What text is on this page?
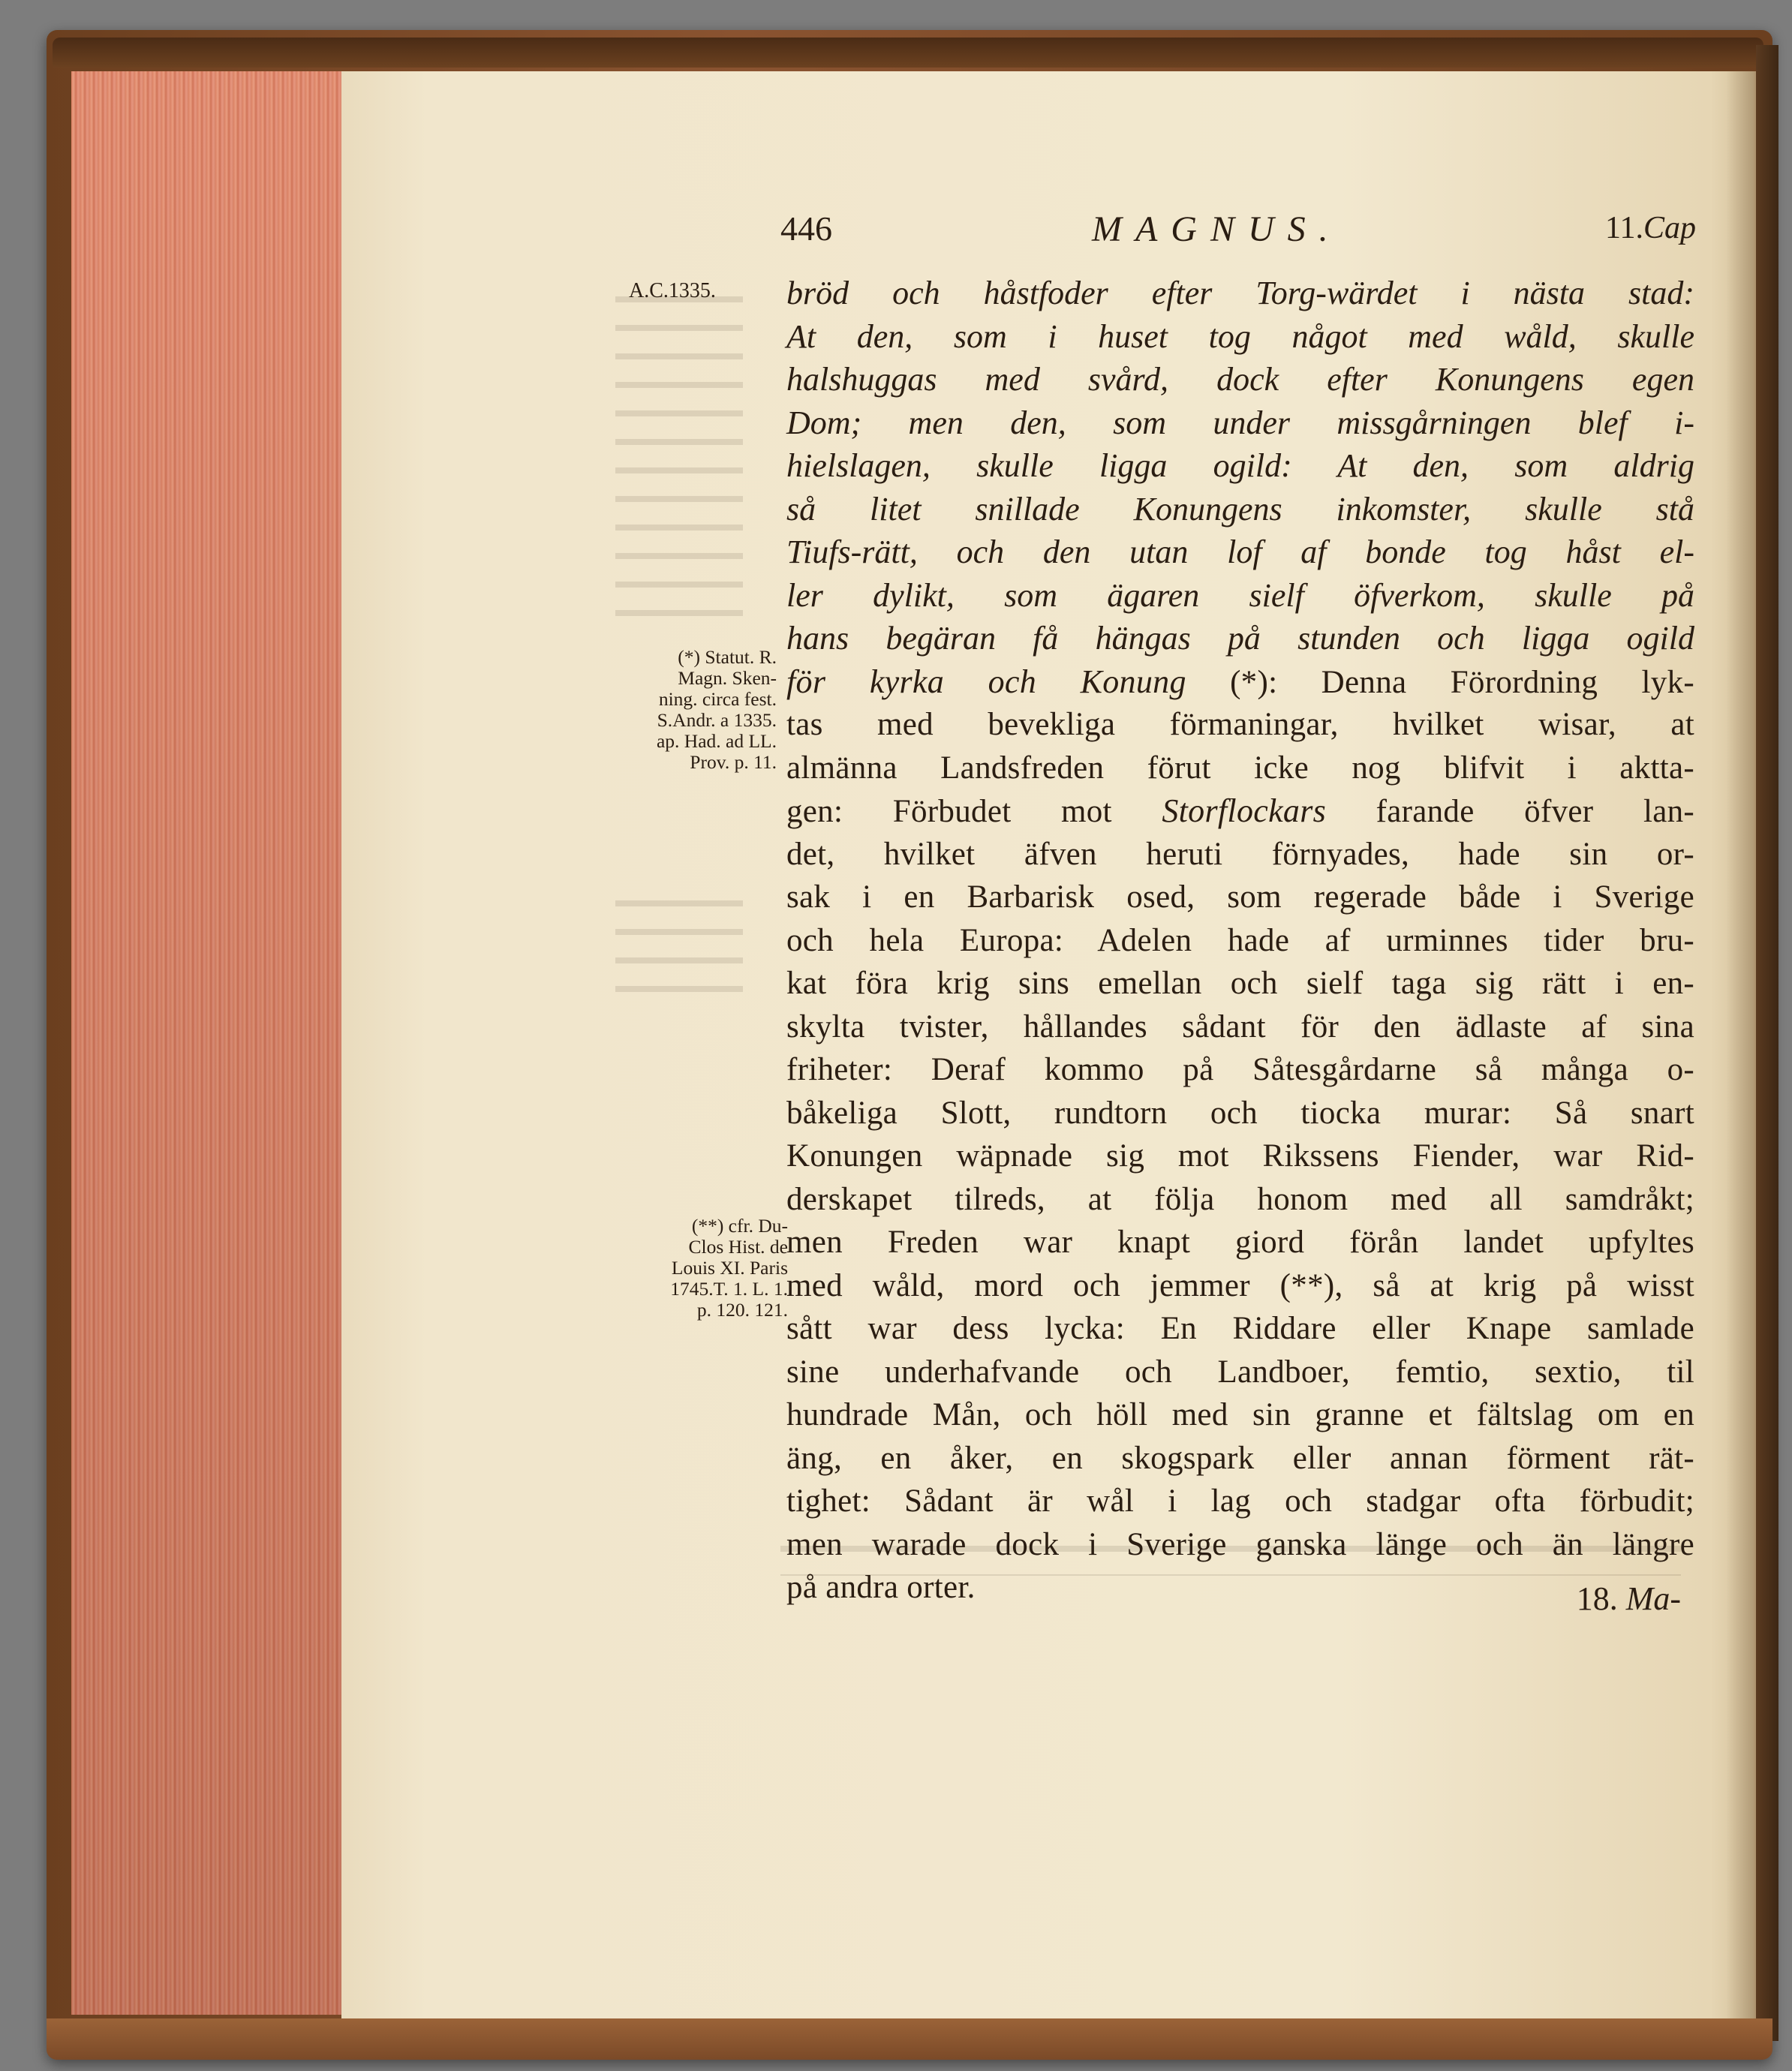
446	MAGNUS.	11.Cap
A.C.1335.
(*) Statut. R.
Magn. Sken-
ning. circa fest.
S.Andr. a 1335.
ap. Had. ad LL.
Prov. p. 11.
(**) cfr. Du-
Clos Hist. de
Louis XI. Paris
1745.T. 1. L. 1.
p. 120. 121.
bröd och håstfoder efter Torg-wärdet i nästa stad:
At den, som i huset tog något med wåld, skulle
halshuggas med svård, dock efter Konungens egen
Dom; men den, som under missgårningen blef i-
hielslagen, skulle ligga ogild: At den, som aldrig
så litet snillade Konungens inkomster, skulle stå
Tiufs-rätt, och den utan lof af bonde tog håst el-
ler dylikt, som ägaren sielf öfverkom, skulle på
hans begäran få hängas på stunden och ligga ogild
för kyrka och Konung (*): Denna Förordning lyk-
tas med bevekliga förmaningar, hvilket wisar, at
almänna Landsfreden förut icke nog blifvit i aktta-
gen: Förbudet mot Storflockars farande öfver lan-
det, hvilket äfven heruti förnyades, hade sin or-
sak i en Barbarisk osed, som regerade både i Sverige
och hela Europa: Adelen hade af urminnes tider bru-
kat föra krig sins emellan och sielf taga sig rätt i en-
skylta tvister, hållandes sådant för den ädlaste af sina
friheter: Deraf kommo på Såtesgårdarne så många o-
båkeliga Slott, rundtorn och tiocka murar: Så snart
Konungen wäpnade sig mot Rikssens Fiender, war Rid-
derskapet tilreds, at följa honom med all samdråkt;
men Freden war knapt giord förån landet upfyltes
med wåld, mord och jemmer (**), så at krig på wisst
sått war dess lycka: En Riddare eller Knape samlade
sine underhafvande och Landboer, femtio, sextio, til
hundrade Mån, och höll med sin granne et fältslag om en
äng, en åker, en skogspark eller annan förment rät-
tighet: Sådant är wål i lag och stadgar ofta förbudit;
men warade dock i Sverige ganska länge och än längre
på andra orter.	18. Ma-
